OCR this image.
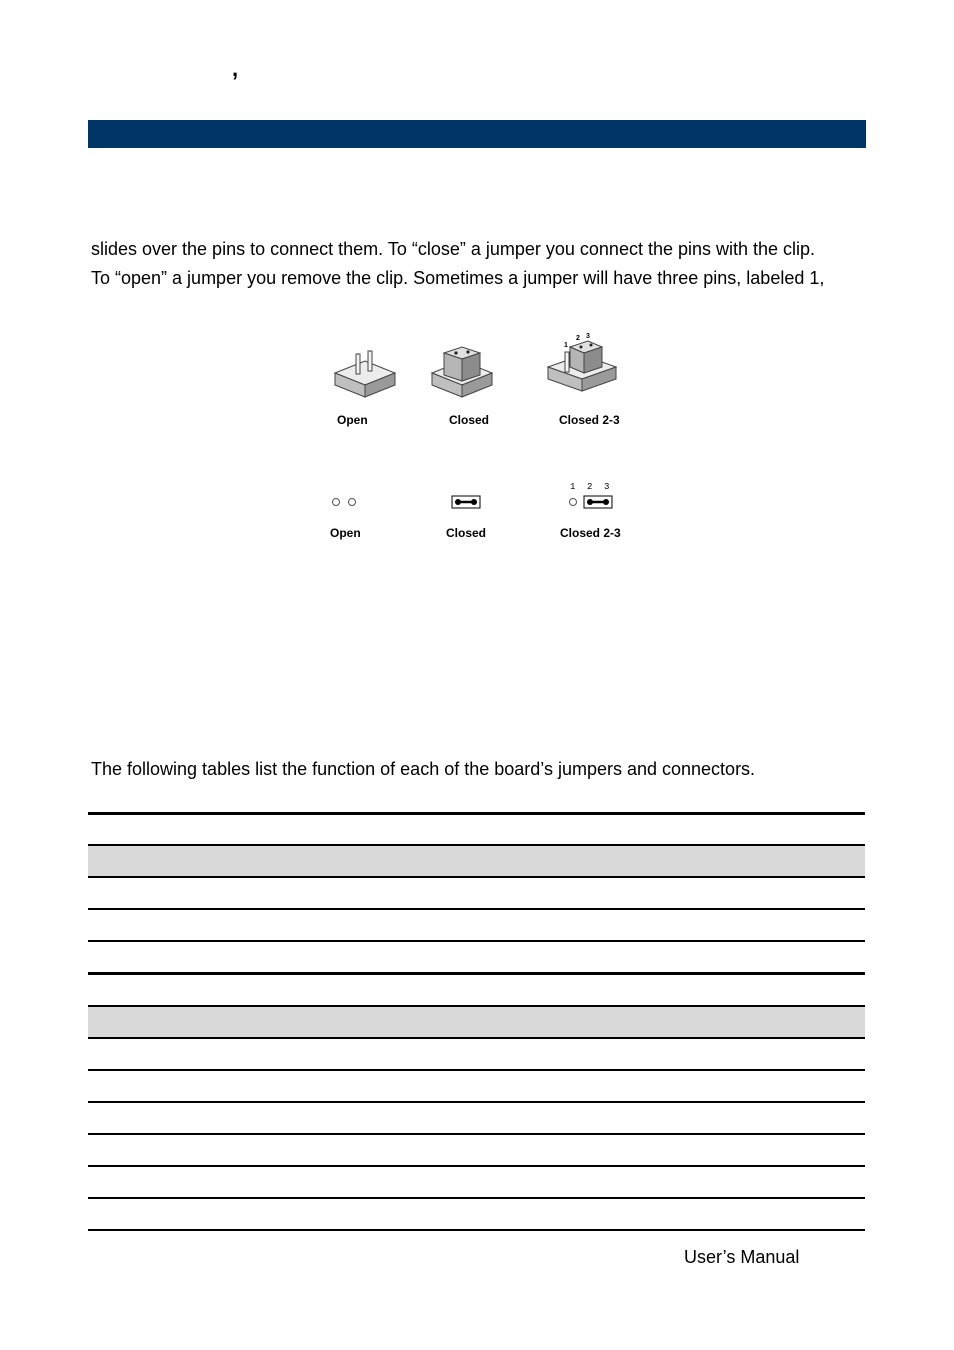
,
slides over the pins to connect them. To “close” a jumper you connect the pins with the clip.
To “open” a jumper you remove the clip. Sometimes a jumper will have three pins, labeled 1,
Open	Closed
1
2 3
Closed 2-3
Open	Closed
1 2 3
Closed 2-3
The following tables list the function of each of the board’s jumpers and connectors.
User’s Manual
